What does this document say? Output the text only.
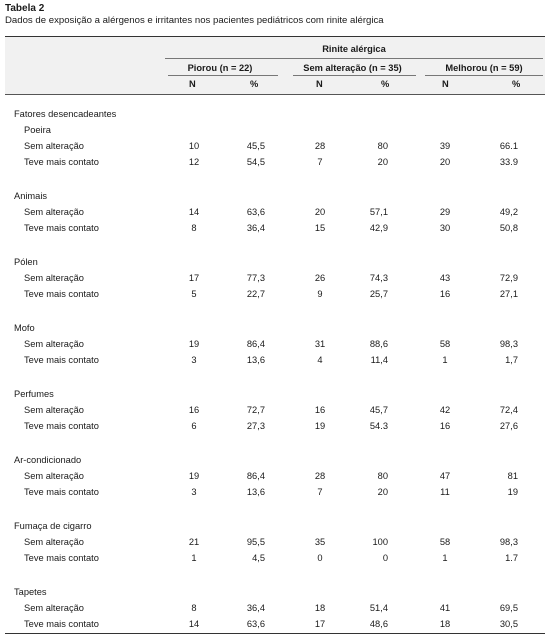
Tabela 2
Dados de exposição a alérgenos e irritantes nos pacientes pediátricos com rinite alérgica
Rinite alérgica
Piorou (n = 22)	Sem alteração (n = 35)	Melhorou (n = 59)
N	%	N	%	N	%
Fatores desencadeantes
Poeira
Sem alteração	10	45,5	28	80	39	66.1
Teve mais contato	12	54,5	7	20	20	33.9
Animais
Sem alteração	14	63,6	20	57,1	29	49,2
Teve mais contato	8	36,4	15	42,9	30	50,8
Pólen
Sem alteração	17	77,3	26	74,3	43	72,9
Teve mais contato	5	22,7	9	25,7	16	27,1
Mofo
Sem alteração	19	86,4	31	88,6	58	98,3
Teve mais contato	3	13,6	4	11,4	1	1,7
Perfumes
Sem alteração	16	72,7	16	45,7	42	72,4
Teve mais contato	6	27,3	19	54.3	16	27,6
Ar-condicionado
Sem alteração	19	86,4	28	80	47	81
Teve mais contato	3	13,6	7	20	11	19
Fumaça de cigarro
Sem alteração	21	95,5	35	100	58	98,3
Teve mais contato	1	4,5	0	0	1	1.7
Tapetes
Sem alteração	8	36,4	18	51,4	41	69,5
Teve mais contato	14	63,6	17	48,6	18	30,5
